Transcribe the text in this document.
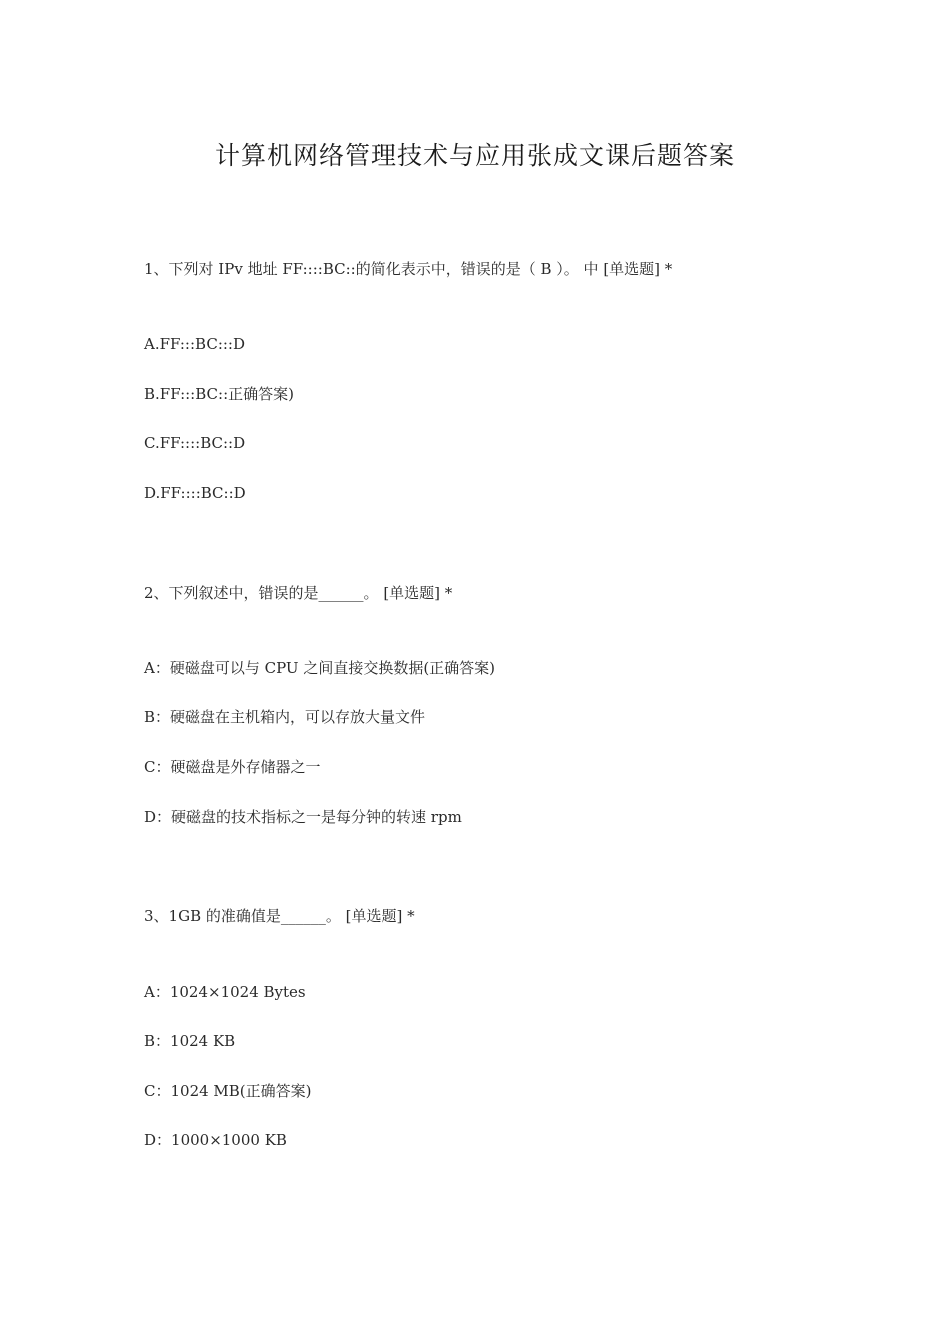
计算机网络管理技术与应用张成文课后题答案
1、下列对 IPv 地址 FF::::BC::的简化表示中，错误的是（ B ）。 中 [单选题] *
A.FF:::BC:::D
B.FF:::BC::正确答案)
C.FF::::BC::D
D.FF::::BC::D
2、下列叙述中，错误的是______。 [单选题] *
A：硬磁盘可以与 CPU 之间直接交换数据(正确答案)
B：硬磁盘在主机箱内，可以存放大量文件
C：硬磁盘是外存储器之一
D：硬磁盘的技术指标之一是每分钟的转速 rpm
3、1GB 的准确值是______。 [单选题] *
A：1024×1024 Bytes
B：1024 KB
C：1024 MB(正确答案)
D：1000×1000 KB
